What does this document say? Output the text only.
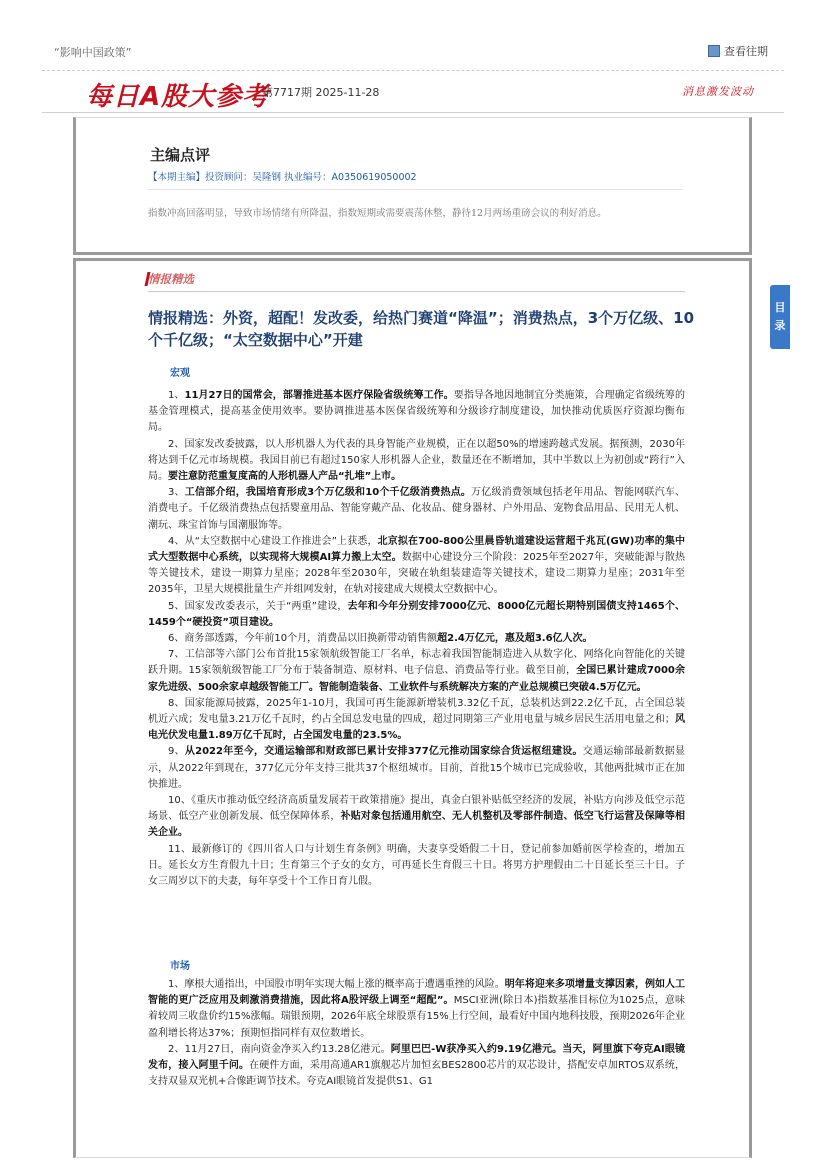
“影响中国政策”	查看往期
每日A股大参考
第7717期 2025-11-28	消息激发波动
主编点评
【本期主编】投资顾问：吴隆钢 执业编号：A0350619050002
指数冲高回落明显，导致市场情绪有所降温，指数短期或需要震荡休整，静待12月两场重磅会议的利好消息。
情报精选
情报精选：外资，超配！发改委，给热门赛道“降温”；消费热点，3个万亿级、10个千亿级；“太空数据中心”开建
宏观

1、11月27日的国常会，部署推进基本医疗保险省级统筹工作。要指导各地因地制宜分类施策，合理确定省级统筹的基金管理模式，提高基金使用效率。要协调推进基本医保省级统筹和分级诊疗制度建设，加快推动优质医疗资源均衡布局。

2、国家发改委披露，以人形机器人为代表的具身智能产业规模，正在以超50%的增速跨越式发展。据预测，2030年将达到千亿元市场规模。我国目前已有超过150家人形机器人企业，数量还在不断增加，其中半数以上为初创或“跨行”入局。要注意防范重复度高的人形机器人产品“扎堆”上市。

3、工信部介绍，我国培育形成3个万亿级和10个千亿级消费热点。万亿级消费领域包括老年用品、智能网联汽车、消费电子。千亿级消费热点包括婴童用品、智能穿戴产品、化妆品、健身器材、户外用品、宠物食品用品、民用无人机、潮玩、珠宝首饰与国潮服饰等。

4、从“太空数据中心建设工作推进会”上获悉，北京拟在700-800公里晨昏轨道建设运营超千兆瓦(GW)功率的集中式大型数据中心系统，以实现将大规模AI算力搬上太空。数据中心建设分三个阶段：2025年至2027年，突破能源与散热等关键技术，建设一期算力星座；2028年至2030年，突破在轨组装建造等关键技术，建设二期算力星座；2031年至2035年，卫星大规模批量生产并组网发射，在轨对接建成大规模太空数据中心。

5、国家发改委表示，关于“两重”建设，去年和今年分别安排7000亿元、8000亿元超长期特别国债支持1465个、1459个“硬投资”项目建设。

6、商务部透露，今年前10个月，消费品以旧换新带动销售额超2.4万亿元，惠及超3.6亿人次。

7、工信部等六部门公布首批15家领航级智能工厂名单，标志着我国智能制造进入从数字化、网络化向智能化的关键跃升期。15家领航级智能工厂分布于装备制造、原材料、电子信息、消费品等行业。截至目前，全国已累计建成7000余家先进级、500余家卓越级智能工厂。智能制造装备、工业软件与系统解决方案的产业总规模已突破4.5万亿元。

8、国家能源局披露，2025年1-10月，我国可再生能源新增装机3.32亿千瓦，总装机达到22.2亿千瓦，占全国总装机近六成；发电量3.21万亿千瓦时，约占全国总发电量的四成，超过同期第三产业用电量与城乡居民生活用电量之和；风电光伏发电量1.89万亿千瓦时，占全国发电量的23.5%。

9、从2022年至今，交通运输部和财政部已累计安排377亿元推动国家综合货运枢纽建设。交通运输部最新数据显示，从2022年到现在，377亿元分年支持三批共37个枢纽城市。目前，首批15个城市已完成验收，其他两批城市正在加快推进。

10、《重庆市推动低空经济高质量发展若干政策措施》提出，真金白银补贴低空经济的发展，补贴方向涉及低空示范场景、低空产业创新发展、低空保障体系，补贴对象包括通用航空、无人机整机及零部件制造、低空飞行运营及保障等相关企业。

11、最新修订的《四川省人口与计划生育条例》明确，夫妻享受婚假二十日，登记前参加婚前医学检查的，增加五日。延长女方生育假九十日；生育第三个子女的女方，可再延长生育假三十日。将男方护理假由二十日延长至三十日。子女三周岁以下的夫妻，每年享受十个工作日育儿假。

市场

1、摩根大通指出，中国股市明年实现大幅上涨的概率高于遭遇重挫的风险。明年将迎来多项增量支撑因素，例如人工智能的更广泛应用及刺激消费措施，因此将A股评级上调至“超配”。MSCI亚洲(除日本)指数基准目标位为1025点，意味着较周三收盘价约15%涨幅。瑞银预期，2026年底全球股票有15%上行空间，最看好中国内地科技股，预期2026年企业盈利增长将达37%；预期恒指同样有双位数增长。

2、11月27日，南向资金净买入约13.28亿港元。阿里巴巴-W获净买入约9.19亿港元。当天，阿里旗下夸克AI眼镜发布，接入阿里千问。在硬件方面，采用高通AR1旗舰芯片加恒玄BES2800芯片的双芯设计，搭配安卓加RTOS双系统，支持双显双光机+合像距调节技术。夸克AI眼镜首发提供S1、G1

目
录
